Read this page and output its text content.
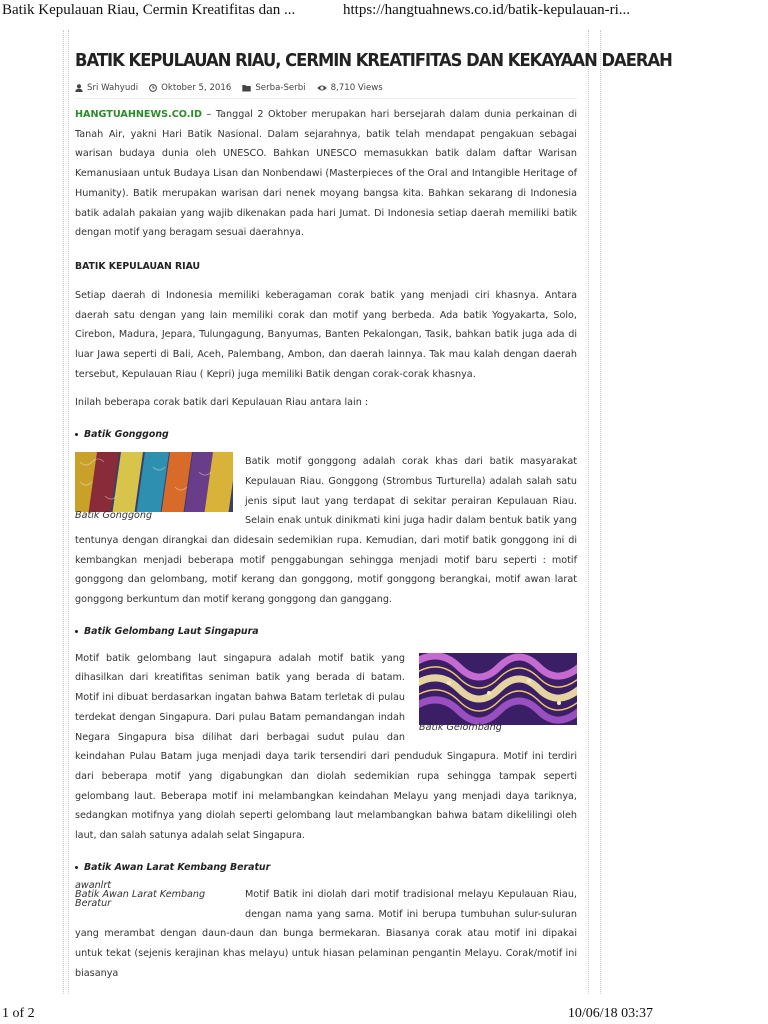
Batik Kepulauan Riau, Cermin Kreatifitas dan ...	https://hangtuahnews.co.id/batik-kepulauan-ri...
BATIK KEPULAUAN RIAU, CERMIN KREATIFITAS DAN KEKAYAAN DAERAH
Sri Wahyudi	Oktober 5, 2016	Serba-Serbi	8,710 Views

HANGTUAHNEWS.CO.ID – Tanggal 2 Oktober merupakan hari bersejarah dalam dunia perkainan di Tanah Air, yakni Hari Batik Nasional. Dalam sejarahnya, batik telah mendapat pengakuan sebagai warisan budaya dunia oleh UNESCO. Bahkan UNESCO memasukkan batik dalam daftar Warisan Kemanusiaan untuk Budaya Lisan dan Nonbendawi (Masterpieces of the Oral and Intangible Heritage of Humanity). Batik merupakan warisan dari nenek moyang bangsa kita. Bahkan sekarang di Indonesia batik adalah pakaian yang wajib dikenakan pada hari Jumat. Di Indonesia setiap daerah memiliki batik dengan motif yang beragam sesuai daerahnya.

BATIK KEPULAUAN RIAU

Setiap daerah di Indonesia memiliki keberagaman corak batik yang menjadi ciri khasnya. Antara daerah satu dengan yang lain memiliki corak dan motif yang berbeda. Ada batik Yogyakarta, Solo, Cirebon, Madura, Jepara, Tulungagung, Banyumas, Banten Pekalongan, Tasik, bahkan batik juga ada di luar Jawa seperti di Bali, Aceh, Palembang, Ambon, dan daerah lainnya. Tak mau kalah dengan daerah tersebut, Kepulauan Riau ( Kepri) juga memiliki Batik dengan corak-corak khasnya.

Inilah beberapa corak batik dari Kepulauan Riau antara lain :

Batik Gonggong
Batik Gonggong

Batik motif gonggong adalah corak khas dari batik masyarakat Kepulauan Riau. Gonggong (Strombus Turturella) adalah salah satu jenis siput laut yang terdapat di sekitar perairan Kepulauan Riau. Selain enak untuk dinikmati kini juga hadir dalam bentuk batik yang tentunya dengan dirangkai dan didesain sedemikian rupa. Kemudian, dari motif batik gonggong ini di kembangkan menjadi beberapa motif penggabungan sehingga menjadi motif baru seperti : motif gonggong dan gelombang, motif kerang dan gonggong, motif gonggong berangkai, motif awan larat gonggong berkuntum dan motif kerang gonggong dan ganggang.

Batik Gelombang Laut Singapura
Batik Gelombang

Motif batik gelombang laut singapura adalah motif batik yang dihasilkan dari kreatifitas seniman batik yang berada di batam. Motif ini dibuat berdasarkan ingatan bahwa Batam terletak di pulau terdekat dengan Singapura. Dari pulau Batam pemandangan indah Negara Singapura bisa dilihat dari berbagai sudut pulau dan keindahan Pulau Batam juga menjadi daya tarik tersendiri dari penduduk Singapura. Motif ini terdiri dari beberapa motif yang digabungkan dan diolah sedemikian rupa sehingga tampak seperti gelombang laut. Beberapa motif ini melambangkan keindahan Melayu yang menjadi daya tariknya, sedangkan motifnya yang diolah seperti gelombang laut melambangkan bahwa batam dikelilingi oleh laut, dan salah satunya adalah selat Singapura.

Batik Awan Larat Kembang Beratur
awanlrt
Batik Awan Larat Kembang Beratur

Motif Batik ini diolah dari motif tradisional melayu Kepulauan Riau, dengan nama yang sama. Motif ini berupa tumbuhan sulur-suluran yang merambat dengan daun-daun dan bunga bermekaran. Biasanya corak atau motif ini dipakai untuk tekat (sejenis kerajinan khas melayu) untuk hiasan pelaminan pengantin Melayu. Corak/motif ini biasanya

1 of 2	10/06/18 03:37
